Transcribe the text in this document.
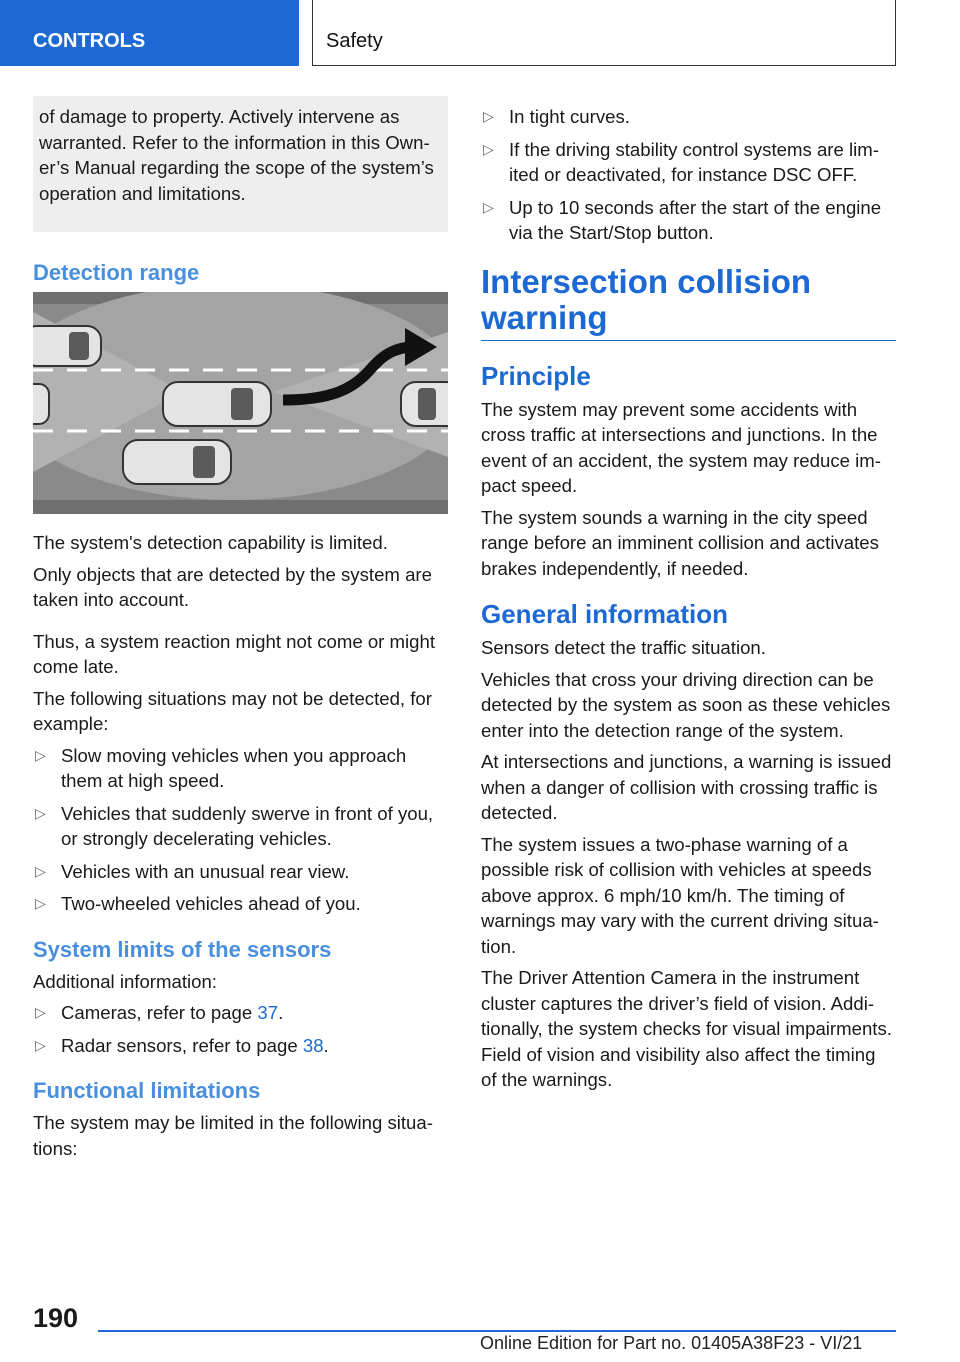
CONTROLS	Safety

of damage to property. Actively intervene as warranted. Refer to the information in this Owner’s Manual regarding the scope of the system’s operation and limitations.

Detection range

The system's detection capability is limited.

Only objects that are detected by the system are taken into account.

Thus, a system reaction might not come or might come late.

The following situations may not be detected, for example:

▷ Slow moving vehicles when you approach them at high speed.
▷ Vehicles that suddenly swerve in front of you, or strongly decelerating vehicles.
▷ Vehicles with an unusual rear view.
▷ Two-wheeled vehicles ahead of you.
System limits of the sensors

Additional information:

▷ Cameras, refer to page 37.
▷ Radar sensors, refer to page 38.
Functional limitations

The system may be limited in the following situations:

▷ In tight curves.
▷ If the driving stability control systems are limited or deactivated, for instance DSC OFF.
▷ Up to 10 seconds after the start of the engine via the Start/Stop button.
Intersection collision warning
Principle

The system may prevent some accidents with cross traffic at intersections and junctions. In the event of an accident, the system may reduce impact speed.

The system sounds a warning in the city speed range before an imminent collision and activates brakes independently, if needed.

General information

Sensors detect the traffic situation.

Vehicles that cross your driving direction can be detected by the system as soon as these vehicles enter into the detection range of the system.

At intersections and junctions, a warning is issued when a danger of collision with crossing traffic is detected.

The system issues a two-phase warning of a possible risk of collision with vehicles at speeds above approx. 6 mph/10 km/h. The timing of warnings may vary with the current driving situation.

The Driver Attention Camera in the instrument cluster captures the driver’s field of vision. Additionally, the system checks for visual impairments. Field of vision and visibility also affect the timing of the warnings.

190
Online Edition for Part no. 01405A38F23 - VI/21
